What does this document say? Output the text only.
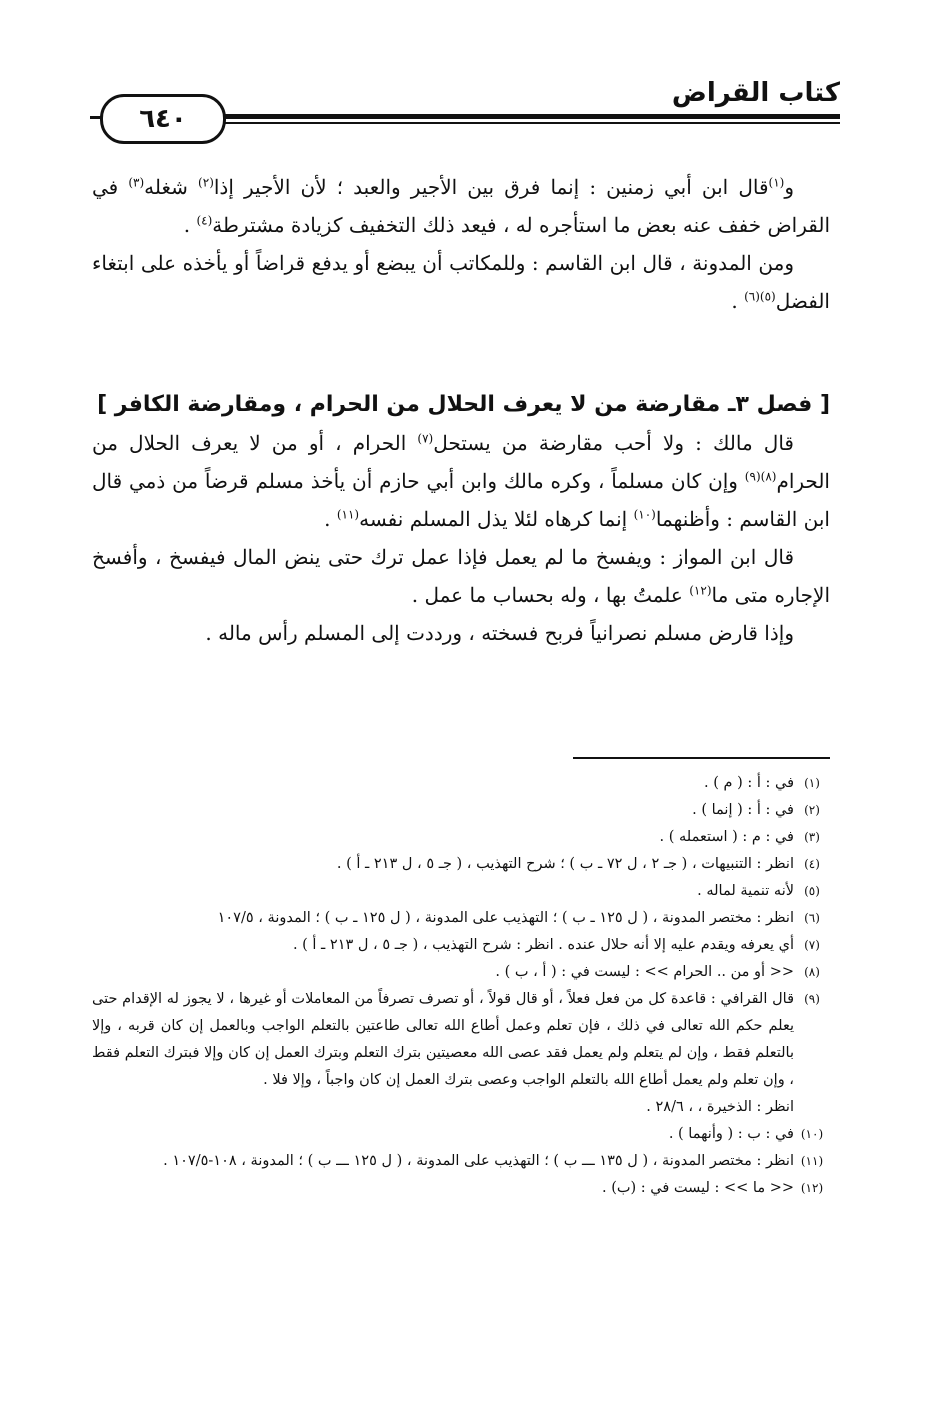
كتاب القراض
٦٤٠

و$^{(١)}$قال ابن أبي زمنين : إنما فرق بين الأجير والعبد ؛ لأن الأجير إذا$^{(٢)}$ شغله$^{(٣)}$ في القراض خفف عنه بعض ما استأجره له ، فيعد ذلك التخفيف كزيادة مشترطة$^{(٤)}$ .

ومن المدونة ، قال ابن القاسم : وللمكاتب أن يبضع أو يدفع قراضاً أو يأخذه على ابتغاء الفضل$^{(٥)(٦)}$ .

[ فصل ٣ـ مقارضة من لا يعرف الحلال من الحرام ، ومقارضة الكافر ]

قال مالك : ولا أحب مقارضة من يستحل$^{(٧)}$ الحرام ، أو من لا يعرف الحلال من الحرام$^{(٨)(٩)}$ وإن كان مسلماً ، وكره مالك وابن أبي حازم أن يأخذ مسلم قرضاً من ذمي قال ابن القاسم : وأظنهما$^{(١٠)}$ إنما كرهاه لئلا يذل المسلم نفسه$^{(١١)}$ .

قال ابن المواز : ويفسخ ما لم يعمل فإذا عمل ترك حتى ينض المال فيفسخ ، وأفسخ الإجاره متى ما$^{(١٢)}$ علمتُ بها ، وله بحساب ما عمل .

وإذا قارض مسلم نصرانياً فربح فسخته ، ورددت إلى المسلم رأس ماله .

(١)
في : أ : ( م ) .
(٢)
في : أ : ( إنما ) .
(٣)
في : م : ( استعمله ) .
(٤)
انظر : التنبيهات ، ( جـ ٢ ، ل ٧٢ ـ ب ) ؛ شرح التهذيب ، ( جـ ٥ ، ل ٢١٣ ـ أ ) .
(٥)
لأنه تنمية لماله .
(٦)
انظر : مختصر المدونة ، ( ل ١٢٥ ـ ب ) ؛ التهذيب على المدونة ، ( ل ١٢٥ ـ ب ) ؛ المدونة ، ١٠٧/٥
(٧)
أي يعرفه ويقدم عليه إلا أنه حلال عنده . انظر : شرح التهذيب ، ( جـ ٥ ، ل ٢١٣ ـ أ ) .
(٨)
<< أو من .. الحرام >> : ليست في : ( أ ، ب ) .
(٩)
قال القرافي : قاعدة كل من فعل فعلاً ، أو قال قولاً ، أو تصرف تصرفاً من المعاملات أو غيرها ، لا يجوز له الإقدام حتى يعلم حكم الله تعالى في ذلك ، فإن تعلم وعمل أطاع الله تعالى طاعتين بالتعلم الواجب وبالعمل إن كان قربه ، وإلا بالتعلم فقط ، وإن لم يتعلم ولم يعمل فقد عصى الله معصيتين بترك التعلم وبترك العمل إن كان وإلا فبترك التعلم فقط ، وإن تعلم ولم يعمل أطاع الله بالتعلم الواجب وعصى بترك العمل إن كان واجباً ، وإلا فلا .
انظر : الذخيرة ، ، ٢٨/٦ .
(١٠)
في : ب : ( وأنهما ) .
(١١)
انظر : مختصر المدونة ، ( ل ١٣٥ ـــ ب ) ؛ التهذيب على المدونة ، ( ل ١٢٥ ـــ ب ) ؛ المدونة ، ١٠٨-١٠٧/٥ .
(١٢)
<< ما >> : ليست في : (ب) .
